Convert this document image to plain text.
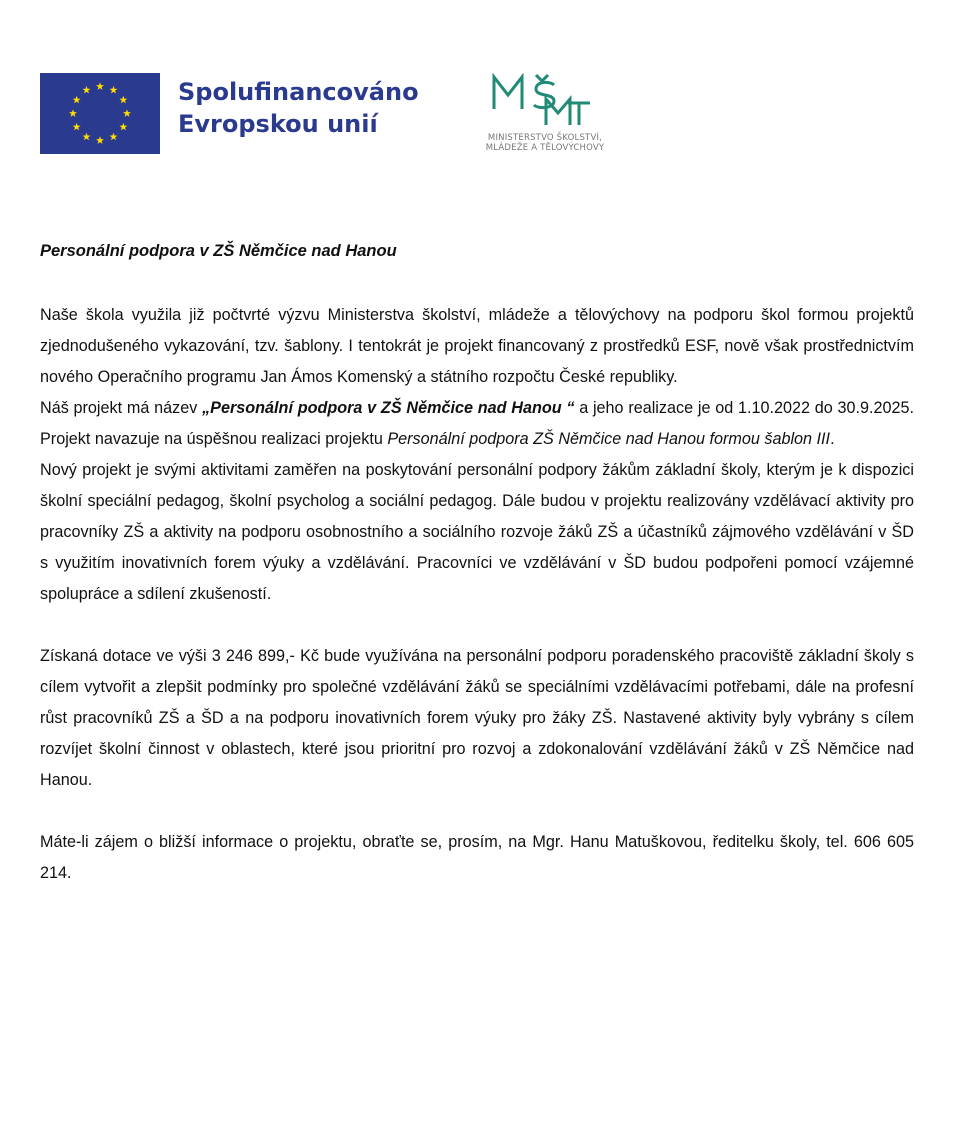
Spolufinancováno
Evropskou unií	MINISTERSTVO ŠKOLSTVÍ,
MLÁDEŽE A TĚLOVÝCHOVY
Personální podpora v ZŠ Němčice nad Hanou

Naše škola využila již počtvrté výzvu Ministerstva školství, mládeže a tělovýchovy na podporu škol formou projektů zjednodušeného vykazování, tzv. šablony. I tentokrát je projekt financovaný z prostředků ESF, nově však prostřednictvím nového Operačního programu Jan Ámos Komenský a státního rozpočtu České republiky.

Náš projekt má název „Personální podpora v ZŠ Němčice nad Hanou “ a jeho realizace je od 1.10.2022 do 30.9.2025. Projekt navazuje na úspěšnou realizaci projektu Personální podpora ZŠ Němčice nad Hanou formou šablon III.

Nový projekt je svými aktivitami zaměřen na poskytování personální podpory žákům základní školy, kterým je k dispozici školní speciální pedagog, školní psycholog a sociální pedagog. Dále budou v projektu realizovány vzdělávací aktivity pro pracovníky ZŠ a aktivity na podporu osobnostního a sociálního rozvoje žáků ZŠ a účastníků zájmového vzdělávání v ŠD s využitím inovativních forem výuky a vzdělávání. Pracovníci ve vzdělávání v ŠD budou podpořeni pomocí vzájemné spolupráce a sdílení zkušeností.

Získaná dotace ve výši 3 246 899,- Kč bude využívána na personální podporu poradenského pracoviště základní školy s cílem vytvořit a zlepšit podmínky pro společné vzdělávání žáků se speciálními vzdělávacími potřebami, dále na profesní růst pracovníků ZŠ a ŠD a na podporu inovativních forem výuky pro žáky ZŠ. Nastavené aktivity byly vybrány s cílem rozvíjet školní činnost v oblastech, které jsou prioritní pro rozvoj a zdokonalování vzdělávání žáků v ZŠ Němčice nad Hanou.

Máte-li zájem o bližší informace o projektu, obraťte se, prosím, na Mgr. Hanu Matuškovou, ředitelku školy, tel. 606 605 214.
